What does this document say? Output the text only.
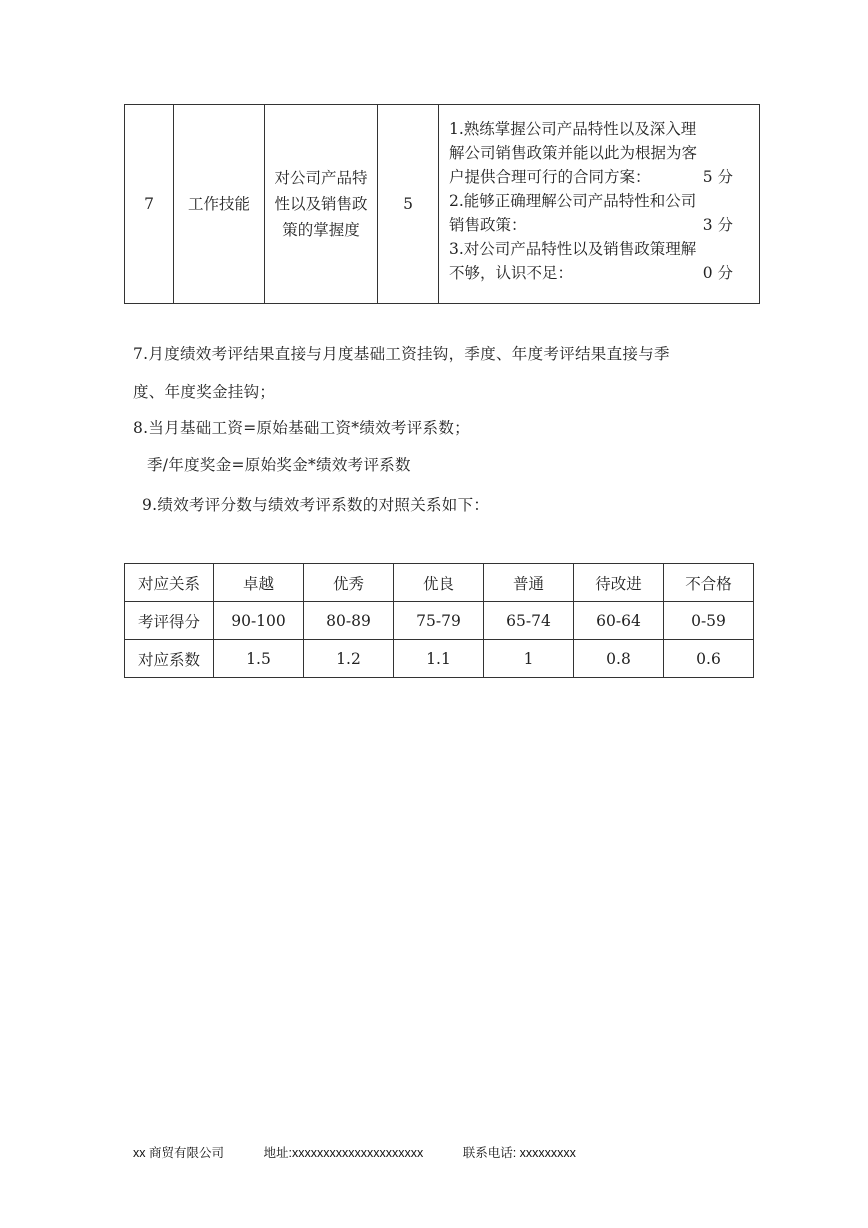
7	工作技能	对公司产品特性以及销售政策的掌握度	5	
1.熟练掌握公司产品特性以及深入理
解公司销售政策并能以此为根据为客
户提供合理可行的合同方案：	5 分
2.能够正确理解公司产品特性和公司
销售政策：	3 分
3.对公司产品特性以及销售政策理解
不够，认识不足：	0 分
7.月度绩效考评结果直接与月度基础工资挂钩，季度、年度考评结果直接与季
度、年度奖金挂钩；
8.当月基础工资=原始基础工资*绩效考评系数；
季/年度奖金=原始奖金*绩效考评系数
9.绩效考评分数与绩效考评系数的对照关系如下：
对应关系	卓越	优秀	优良	普通	待改进	不合格
考评得分	90-100	80-89	75-79	65-74	60-64	0-59
对应系数	1.5	1.2	1.1	1	0.8	0.6
xx 商贸有限公司	地址:xxxxxxxxxxxxxxxxxxxxx	联系电话: xxxxxxxxx
